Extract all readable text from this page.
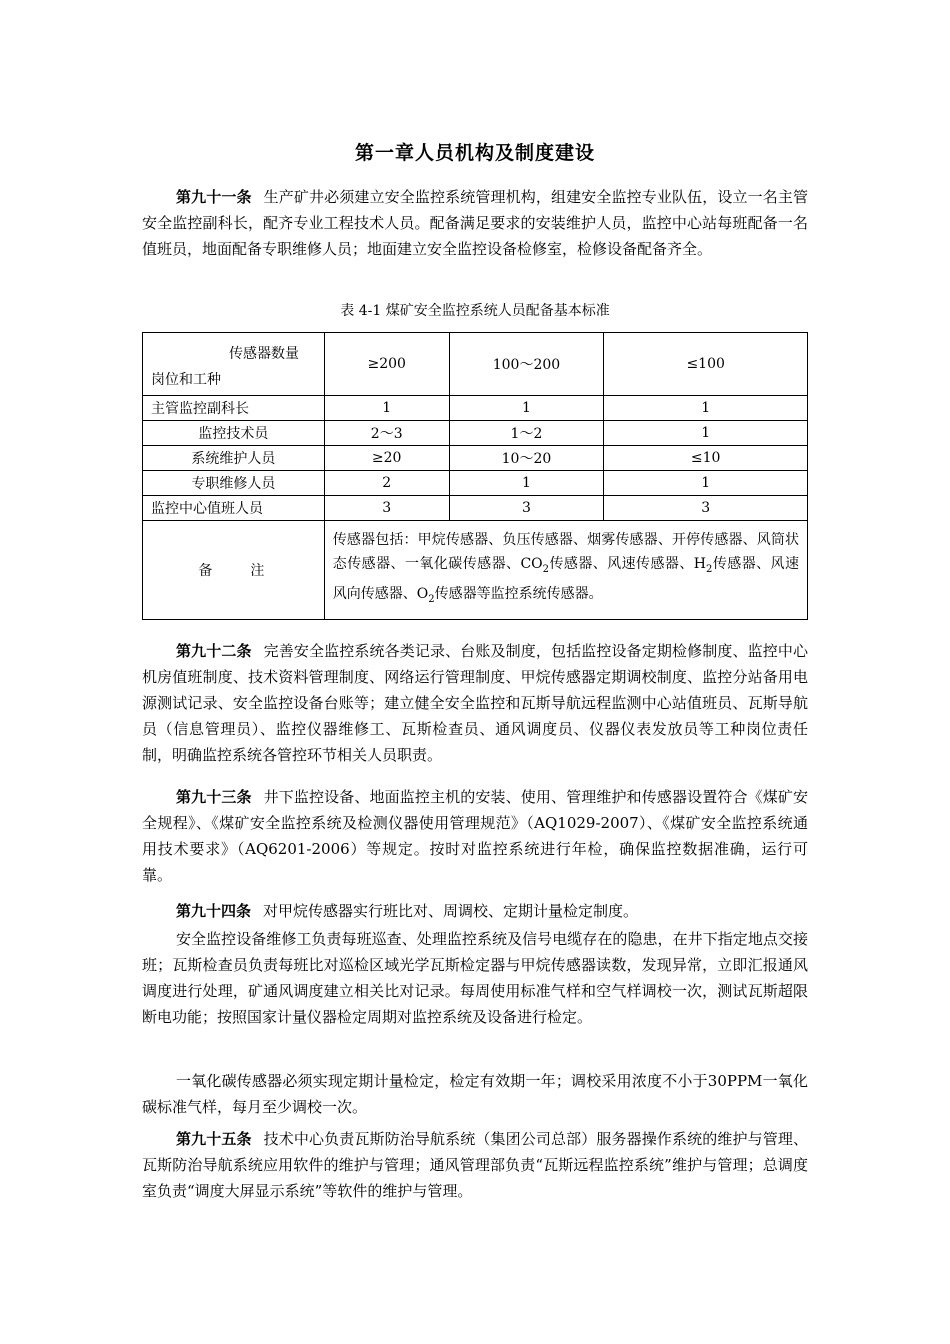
第一章人员机构及制度建设

第九十一条 生产矿井必须建立安全监控系统管理机构，组建安全监控专业队伍，设立一名主管安全监控副科长，配齐专业工程技术人员。配备满足要求的安装维护人员，监控中心站每班配备一名值班员，地面配备专职维修人员；地面建立安全监控设备检修室，检修设备配备齐全。

表 4-1 煤矿安全监控系统人员配备基本标准
传感器数量
岗位和工种	≥200	100～200	≤100
主管监控副科长	1	1	1
监控技术员	2～3	1～2	1
系统维护人员	≥20	10～20	≤10
专职维修人员	2	1	1
监控中心值班人员	3	3	3
备注	传感器包括：甲烷传感器、负压传感器、烟雾传感器、开停传感器、风筒状态传感器、一氧化碳传感器、$CO_2$传感器、风速传感器、$H_2$传感器、风速风向传感器、$O_2$传感器等监控系统传感器。		

第九十二条 完善安全监控系统各类记录、台账及制度，包括监控设备定期检修制度、监控中心机房值班制度、技术资料管理制度、网络运行管理制度、甲烷传感器定期调校制度、监控分站备用电源测试记录、安全监控设备台账等；建立健全安全监控和瓦斯导航远程监测中心站值班员、瓦斯导航员（信息管理员）、监控仪器维修工、瓦斯检查员、通风调度员、仪器仪表发放员等工种岗位责任制，明确监控系统各管控环节相关人员职责。

第九十三条 井下监控设备、地面监控主机的安装、使用、管理维护和传感器设置符合《煤矿安全规程》、《煤矿安全监控系统及检测仪器使用管理规范》（AQ1029-2007）、《煤矿安全监控系统通用技术要求》（AQ6201-2006）等规定。按时对监控系统进行年检，确保监控数据准确，运行可靠。

第九十四条 对甲烷传感器实行班比对、周调校、定期计量检定制度。

安全监控设备维修工负责每班巡查、处理监控系统及信号电缆存在的隐患，在井下指定地点交接班；瓦斯检查员负责每班比对巡检区域光学瓦斯检定器与甲烷传感器读数，发现异常，立即汇报通风调度进行处理，矿通风调度建立相关比对记录。每周使用标准气样和空气样调校一次，测试瓦斯超限断电功能；按照国家计量仪器检定周期对监控系统及设备进行检定。

一氧化碳传感器必须实现定期计量检定，检定有效期一年；调校采用浓度不小于30PPM一氧化碳标准气样，每月至少调校一次。

第九十五条 技术中心负责瓦斯防治导航系统（集团公司总部）服务器操作系统的维护与管理、瓦斯防治导航系统应用软件的维护与管理；通风管理部负责“瓦斯远程监控系统”维护与管理；总调度室负责“调度大屏显示系统”等软件的维护与管理。
